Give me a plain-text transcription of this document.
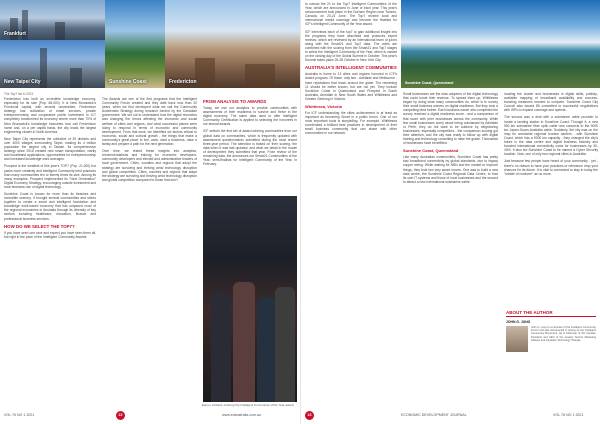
Frankfurt
New Taipei City	Sunshine Coast	Fredericton
The Top7 list in 2021

Fredericton has built an incredible knowledge economy, especially for its size (Pop. 68,000). It is New Brunswick's Provincial capital, with several universities. Fredericton strategy has cultivation of smart services, private entrepreneurship and cooperative public investment in ICT completely transformed its economy where more than 70% of New Brunswick's knowledge industries now call Fredericton home and, on a per capita basis, the city leads the largest engineering cluster in North America.

New Taipei City represents the collective of 29 districts and over 4000 villages surrounding Taipei, making its 4 million population the largest city in Taiwan. Its comprehensive strategy since 2016 created new smart transportation, clarity and broadband applications, opportunities for entrepreneurship and increased knowledge work averages.

Prospect is the smallest of this year's TOP7 (Pop. 21,000) but packs more creativity and Intelligent Community best practices than many communities ten or twenty times its size. Among its many examples, Prospect implemented its "Next Generation" Digital Economy Strategy, encouraging outside investment and local business use of digital technology.

Sunshine Coast is known for more than its beaches and incredible scenery. It brought several communities and shires together to create a smart and intelligent foundation and knowledge work-based economy that has outpaced most of the regional economies in Australia through its diversity of key sectors including healthcare, education, finance and professional business services.

HOW DO WE SELECT THE TOP7?

If you have seen one race and expect you have seen them all, but right in the pace of the Intelligent Community Awards

The Awards are one of the first programs that the Intelligent Community Forum created and they date back now than 20 years, when we first developed what we call the Community Accelerator Strategy during research funded by the Canadian government. We set out to understand how the digital revolution was changing the forces affecting the economic and social welfare of cities and regions, and what successful places were doing to respond in terms of economic and community development. From that work, we identified six factors critical to economic, social and cultural growth - the things that make a community's great place to live, work, start a business, raise a family and prepare a path for the next generation.

Over time, we tested these insights into analytics, recommendations and training for economic developers, community developers and elected and administrative leaders of local government. Cities, counties and regions that adopt the strategy are surviving and thriving amid technology disruption and global competition. Cities, counties and regions that adopt the strategy are surviving and thriving amid technology disruption and global competition compared to those that don't.

FROM ANALYSIS TO AWARDS

Today, we use our analytics to provide communities with assessments of their readiness to survive and thrive in the digital economy. The same data used to offer Intelligent Community Certification is applied to selecting the honorees in our annual awards.

ICF selects the first set of award-winning communities from our global data on communities, which is frequently updated with assessment questionnaires submitted during the most recent three-year period. The selection is based on their scoring, the data when it was last updated, and what we detail in the model of development they submitted that year. From review of the remaining data, the announces our Smart21 Communities of the Year, semi-finalists for Intelligent Community of the Year, in February.

Espoo, Finland, entering the Intelligent Community of the Year award
VOL 76 NO 1 2021	22	www.edaustralia.com.au

to narrow the 21 to the Top7 Intelligent Communities of the Year, which are announced in June of each year. This year's announcement took place in the Durham Region near Toronto, Canada, on 20-21 June. The Top7 receive local and international media coverage and become the finalists for ICF's Intelligent Community of the Year award.

ICF interviews each of the top7 to gain additional insight into the programs they have described and produces expert reviews, which are reviewed by an international team of jurors along with the Smart21 and Top7 data. The votes are combined with the scoring from the Smart21 and Top7 stages to select the Intelligent Community of the Year, which is named on the closing day of the Global Summit in October. This year's Summit takes place 26-28 October in New York City.

AUSTRALIA'S INTELLIGENT COMMUNITIES

Australia is home to 13 cities and regions honored in ICF's Award program. Of these, only two - Adelaide and Melbourne - have reputations that reach around the globe. The remaining 11 should be better known, but are not yet. They include Sunshine Coast in Queensland and Prospect in South Australia, Armidale in New South Wales and Whittlesea and Greater Geelong in Victoria.

Whittlesea, Victoria

For ICF understanding the cities achievement is at least as important as becoming Smart in a public forum. One of our most important tools is storytelling. For example, Whittlesea coordinated a brilliant best practices in development of their small business community that can share with other communities in our network.

Sunshine Coast, Queensland

Small businesses are the slow adopters of the digital technology that could boost their revenue. To spread them up, Whittlesea began by doing what many communities do, which is to survey their small business owners on digital readiness. But they took a compelling idea further. Each business owner who completed the survey received a digital readiness score - and a comparison of that score with peer businesses across the community. While few small businesses worry about being outclassed by Adelaide or Perth, they do not want to be outdone by neighboring businesses, especially competitors - the comparison scoring got their attention, and the city was ready to follow up with digital training and technology consulting to raise the grade. Thousands of businesses have benefitted.

Sunshine Coast, Queensland

Like many Australian communities, Sunshine Coast has pretty bad broadband connectivity by global standards, due to legacy copper wiring. While waiting for NBN and the market to improve things, they took two very smart moves. One was to build a new data centre, the Sunshine Coast Regional Data Centre, to host its own IT systems and those of local businesses and the second to attract a new international submarine cable.

locating the cluster and businesses in digital skills, publicly-available mapping of broadband availability and success-boosting measures needed to compete. Sunshine Coast City Council also issued $5 committed to successful negotiations with ISPs to expand coverage and speeds.

The second was a deal with a submarine cable provider to locate a landing station in Sunshine Coast. Through it, a new 550 km submarine fiber optic cable now connects to the 9000 km Japan-Guam-Australia cable. Suddenly, the city was on the map for worldwide regional tourism carriers - with Sunshine Coast, which has a 9000 km capacity - they changed the city's future in the data centre and digital business industry and boosted international connectivity costs for businesses by 30-40%. It also led Sunshine Coast to be named a Cyber Security location. Now, one of only two regional cities in Australia.

Just because few people have heard of your community - yet - there's no reason to have your practices or relevance drop your chances for its future. It is vital to connected to stay in today the "middle of nowhere" as no more.

ABOUT THE AUTHOR
JOHN G. JUNG
John G. Jung is co-founder of the Intelligent Community Forum and was instrumental in setting up the Intelligent Community Movement. He is Chairman of ICF Canada. President and CEO of the Greater Toronto Marketing Alliance and Canada's Technology Triangle.
23	ECONOMIC DEVELOPMENT JOURNAL	VOL 76 NO 1 2021
